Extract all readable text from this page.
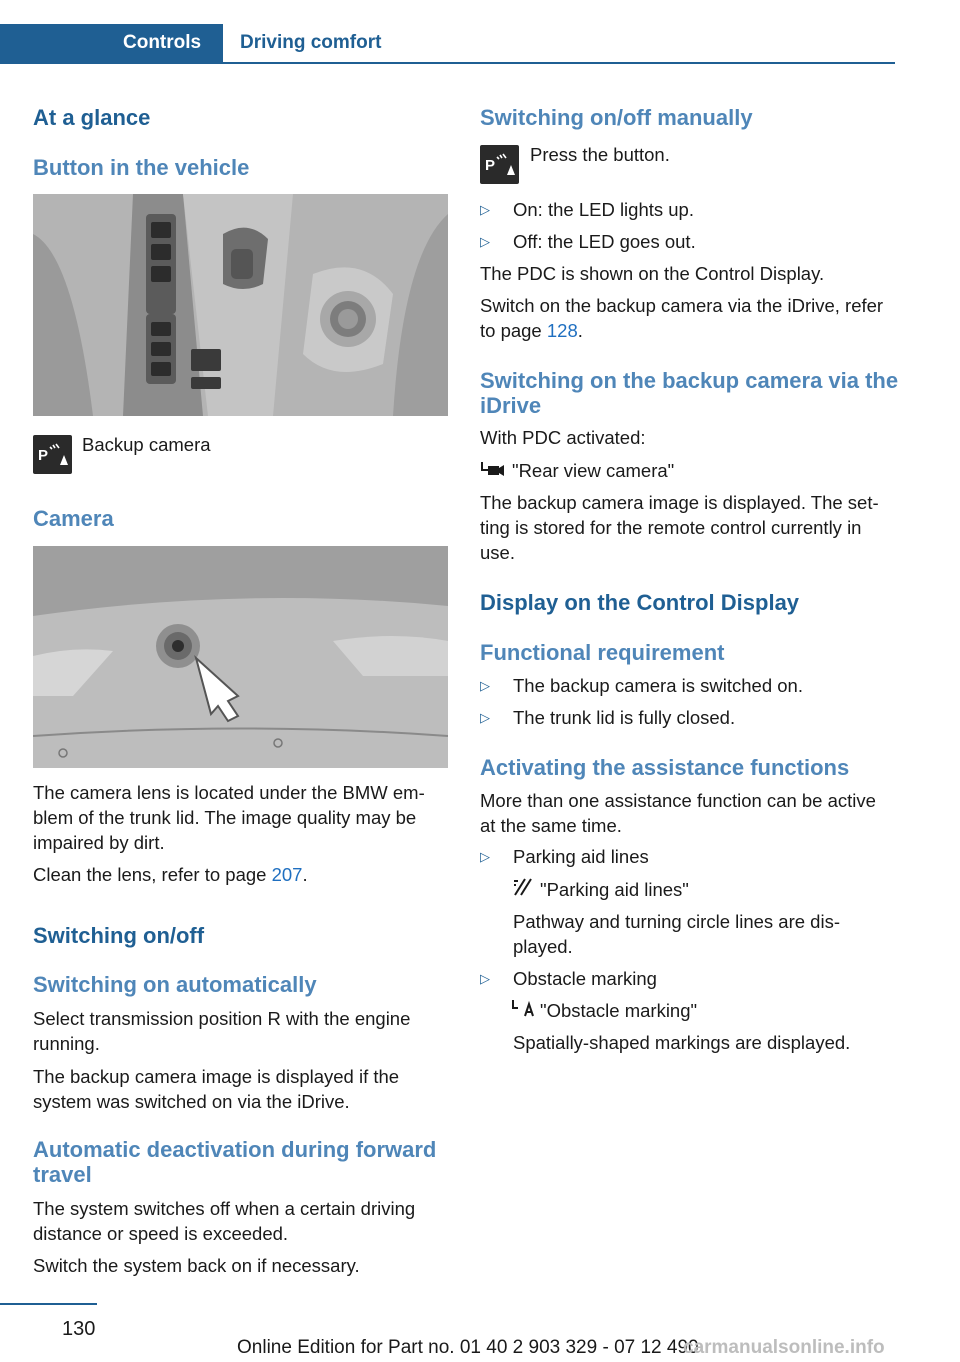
Controls Driving comfort
At a glance
Button in the vehicle
P
Backup camera
Camera
The camera lens is located under the BMW em‐
blem of the trunk lid. The image quality may be
impaired by dirt.
Clean the lens, refer to page 207.
Switching on/off
Switching on automatically
Select transmission position R with the engine
running.
The backup camera image is displayed if the
system was switched on via the iDrive.
Automatic deactivation during forward
travel
The system switches off when a certain driving
distance or speed is exceeded.
Switch the system back on if necessary.
Switching on/off manually
P
Press the button.
▷ On: the LED lights up.
▷ Off: the LED goes out.
The PDC is shown on the Control Display.
Switch on the backup camera via the iDrive, refer
to page 128.
Switching on the backup camera via the
iDrive
With PDC activated:
"Rear view camera"
The backup camera image is displayed. The set‐
ting is stored for the remote control currently in
use.
Display on the Control Display
Functional requirement
▷ The backup camera is switched on.
▷ The trunk lid is fully closed.
Activating the assistance functions
More than one assistance function can be active
at the same time.
▷ Parking aid lines
"Parking aid lines"
Pathway and turning circle lines are dis‐
played.
▷ Obstacle marking
"Obstacle marking"
Spatially-shaped markings are displayed.
130
Online Edition for Part no. 01 40 2 903 329 - 07 12 490
carmanualsonline.info
